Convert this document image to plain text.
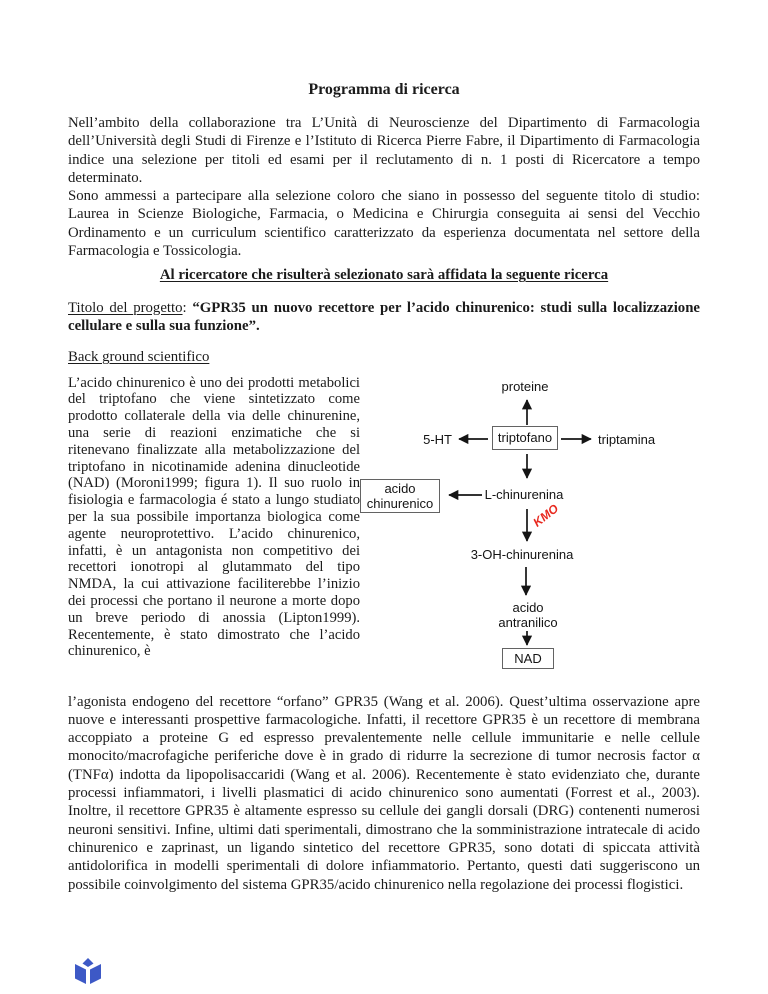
Programma di ricerca

Nell’ambito della collaborazione tra L’Unità di Neuroscienze del Dipartimento di Farmacologia dell’Università degli Studi di Firenze e l’Istituto di Ricerca Pierre Fabre, il Dipartimento di Farmacologia indice una selezione per titoli ed esami per il reclutamento di n. 1 posti di Ricercatore a tempo determinato.

Sono ammessi a partecipare alla selezione coloro che siano in possesso del seguente titolo di studio: Laurea in Scienze Biologiche, Farmacia, o Medicina e Chirurgia conseguita ai sensi del Vecchio Ordinamento e un curriculum scientifico caratterizzato da esperienza documentata nel settore della Farmacologia e Tossicologia.

Al ricercatore che risulterà selezionato sarà affidata la seguente ricerca

Titolo del progetto: “GPR35 un nuovo recettore per l’acido chinurenico: studi sulla localizzazione cellulare e sulla sua funzione”.

Back ground scientifico

L’acido chinurenico è uno dei prodotti metabolici del triptofano che viene sintetizzato come prodotto collaterale della via delle chinurenine, una serie di reazioni enzimatiche che si ritenevano finalizzate alla metabolizzazione del triptofano in nicotinamide adenina dinucleotide (NAD) (Moroni1999; figura 1). Il suo ruolo in fisiologia e farmacologia é stato a lungo studiato per la sua possibile importanza biologica come agente neuroprotettivo. L’acido chinurenico, infatti, è un antagonista non competitivo dei recettori ionotropi al glutammato del tipo NMDA, la cui attivazione faciliterebbe l’inizio dei processi che portano il neurone a morte dopo un breve periodo di anossia (Lipton1999). Recentemente, è stato dimostrato che l’acido chinurenico, è
proteine
triptofano
5-HT	triptamina
L-chinurenina
acido
chinurenico	KMO
3-OH-chinurenina
acido
antranilico
NAD

l’agonista endogeno del recettore “orfano” GPR35 (Wang et al. 2006). Quest’ultima osservazione apre nuove e interessanti prospettive farmacologiche. Infatti, il recettore GPR35 è un recettore di membrana accoppiato a proteine G ed espresso prevalentemente nelle cellule immunitarie e nelle cellule monocito/macrofagiche periferiche dove è in grado di ridurre la secrezione di tumor necrosis factor α (TNFα) indotta da lipopolisaccaridi (Wang et al. 2006). Recentemente è stato evidenziato che, durante processi infiammatori, i livelli plasmatici di acido chinurenico sono aumentati (Forrest et al., 2003). Inoltre, il recettore GPR35 è altamente espresso su cellule dei gangli dorsali (DRG) contenenti numerosi neuroni sensitivi. Infine, ultimi dati sperimentali, dimostrano che la somministrazione intratecale di acido chinurenico e zaprinast, un ligando sintetico del recettore GPR35, sono dotati di spiccata attività antidolorifica in modelli sperimentali di dolore infiammatorio. Pertanto, questi dati suggeriscono un possibile coinvolgimento del sistema GPR35/acido chinurenico nella regolazione dei processi flogistici.
